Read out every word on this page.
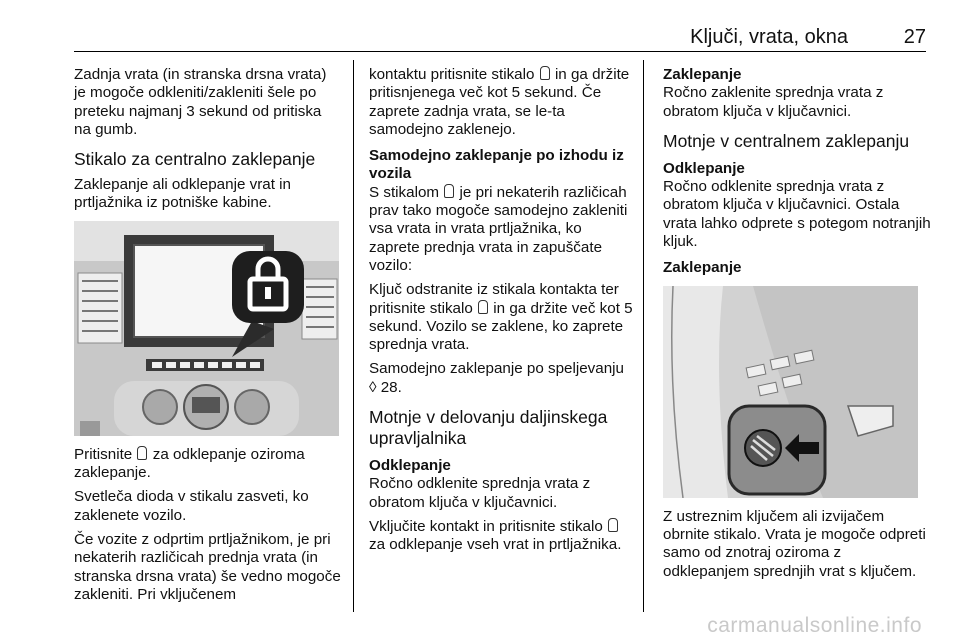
Ključi, vrata, okna	27

Zadnja vrata (in stranska drsna vrata) je mogoče odkleniti/zakleniti šele po preteku najmanj 3 sekund od pritiska na gumb.

Stikalo za centralno zaklepanje

Zaklepanje ali odklepanje vrat in prtljažnika iz potniške kabine.

Pritisnite za odklepanje oziroma zaklepanje.

Svetleča dioda v stikalu zasveti, ko zaklenete vozilo.

Če vozite z odprtim prtljažnikom, je pri nekaterih različicah prednja vrata (in stranska drsna vrata) še vedno mogoče zakleniti. Pri vključenem

kontaktu pritisnite stikalo in ga držite pritisnjenega več kot 5 sekund. Če zaprete zadnja vrata, se le-ta samodejno zaklenejo.

Samodejno zaklepanje po izhodu iz vozila

S stikalom je pri nekaterih različicah prav tako mogoče samodejno zakleniti vsa vrata in vrata prtljažnika, ko zaprete prednja vrata in zapuščate vozilo:

Ključ odstranite iz stikala kontakta ter pritisnite stikalo in ga držite več kot 5 sekund. Vozilo se zaklene, ko zaprete sprednja vrata.

Samodejno zaklepanje po speljevanju ◊ 28.

Motnje v delovanju daljinskega upravljalnika
Odklepanje

Ročno odklenite sprednja vrata z obratom ključa v ključavnici.

Vključite kontakt in pritisnite stikalo  za odklepanje vseh vrat in prtljažnika.

Zaklepanje

Ročno zaklenite sprednja vrata z obratom ključa v ključavnici.

Motnje v centralnem zaklepanju
Odklepanje

Ročno odklenite sprednja vrata z obratom ključa v ključavnici. Ostala vrata lahko odprete s potegom notranjih kljuk.

Zaklepanje

Z ustreznim ključem ali izvijačem obrnite stikalo. Vrata je mogoče odpreti samo od znotraj oziroma z odklepanjem sprednjih vrat s ključem.

carmanualsonline.info
